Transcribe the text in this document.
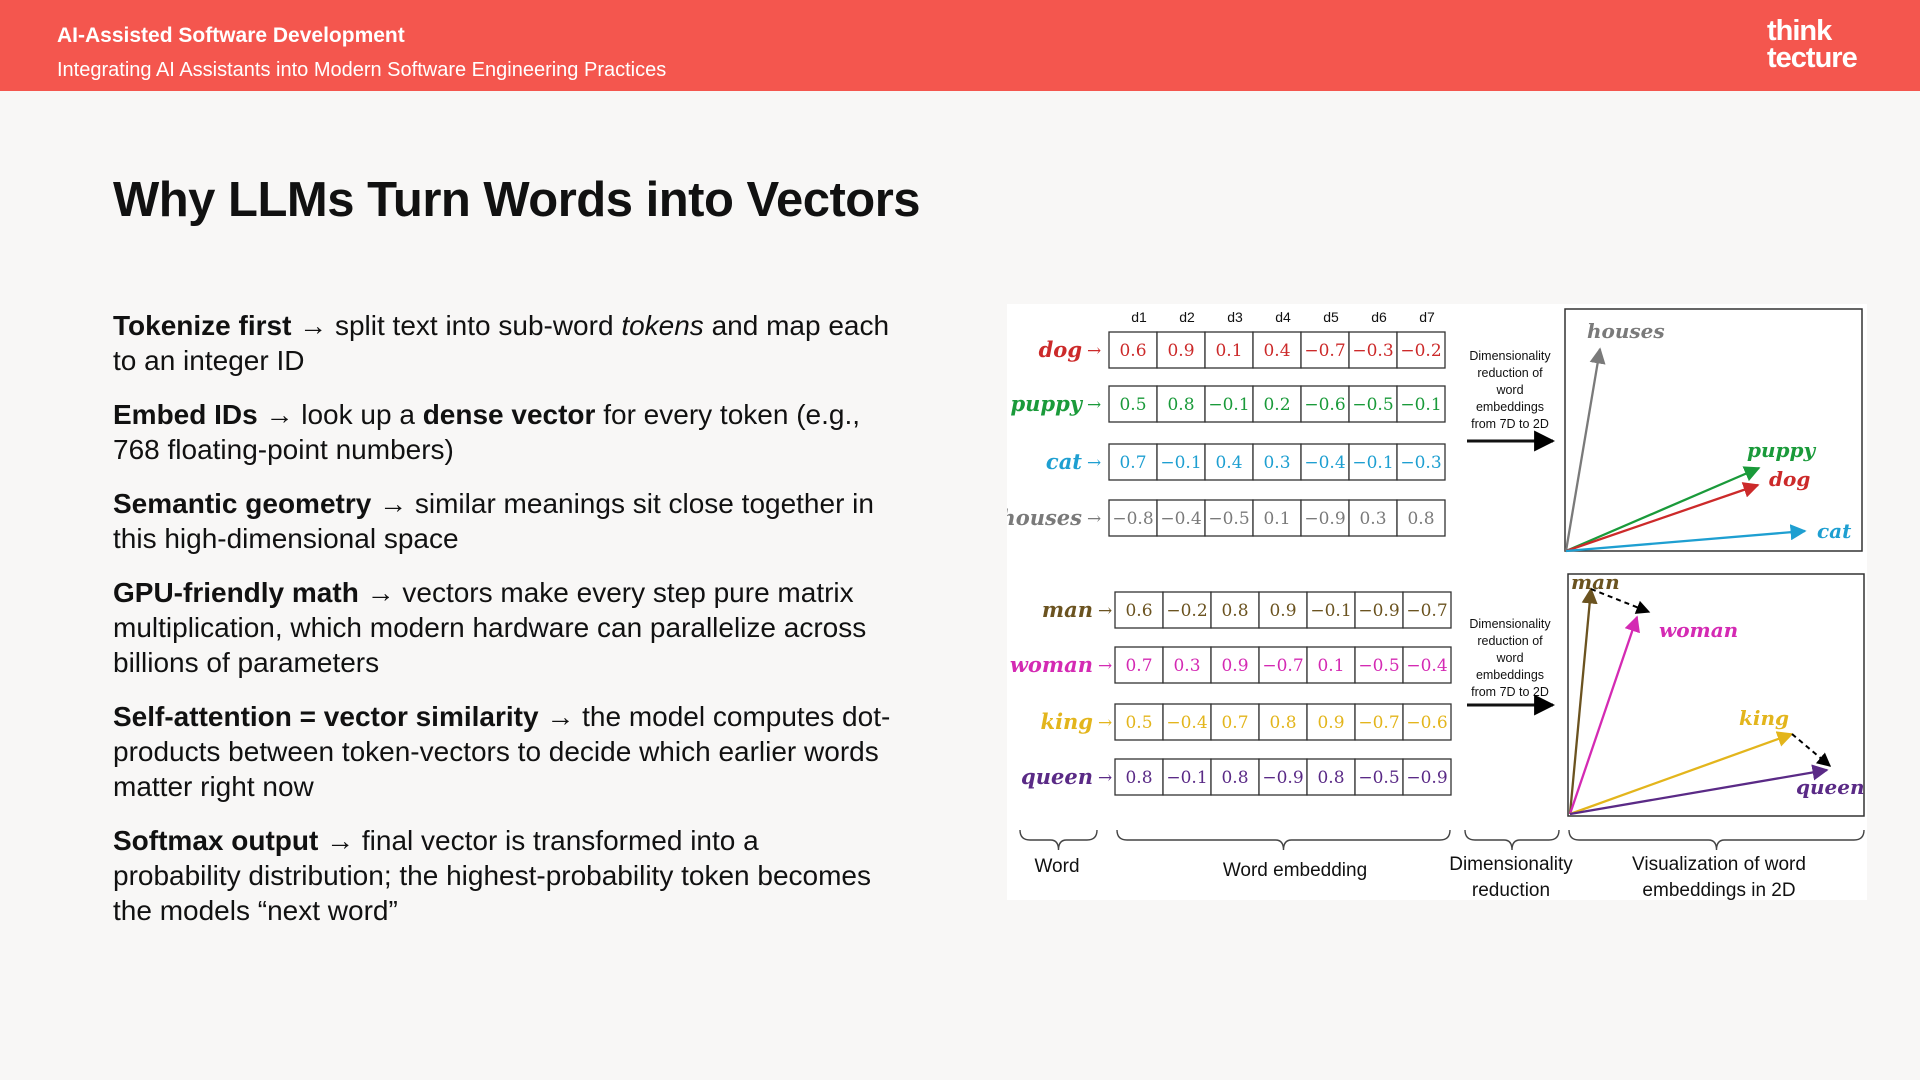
AI-Assisted Software Development
Integrating AI Assistants into Modern Software Engineering Practices
think
tecture
Why LLMs Turn Words into Vectors
Tokenize first → split text into sub-word tokens and map each to an integer ID
Embed IDs → look up a dense vector for every token (e.g., 768 floating-point numbers)
Semantic geometry → similar meanings sit close together in this high-dimensional space
GPU-friendly math → vectors make every step pure matrix multiplication, which modern hardware can parallelize across billions of parameters
Self-attention = vector similarity → the model computes dot-products between token-vectors to decide which earlier words matter right now
Softmax output → final vector is transformed into a probability distribution; the highest-probability token becomes the models “next word”
d1 d2 d3 d4 d5 d6 d7
dog → 0.6 0.9 0.1 0.4 −0.7 −0.3 −0.2
puppy → 0.5 0.8 −0.1 0.2 −0.6 −0.5 −0.1
cat → 0.7 −0.1 0.4 0.3 −0.4 −0.1 −0.3
houses → −0.8 −0.4 −0.5 0.1 −0.9 0.3 0.8
man → 0.6 −0.2 0.8 0.9 −0.1 −0.9 −0.7
woman → 0.7 0.3 0.9 −0.7 0.1 −0.5 −0.4
king → 0.5 −0.4 0.7 0.8 0.9 −0.7 −0.6
queen → 0.8 −0.1 0.8 −0.9 0.8 −0.5 −0.9
Dimensionality
reduction of
word
embeddings
from 7D to 2D
Dimensionality
reduction of
word
embeddings
from 7D to 2D
houses
puppy
dog
cat
man
woman
king
queen
Word	Word embedding	Dimensionality
reduction
Visualization of word
embeddings in 2D
